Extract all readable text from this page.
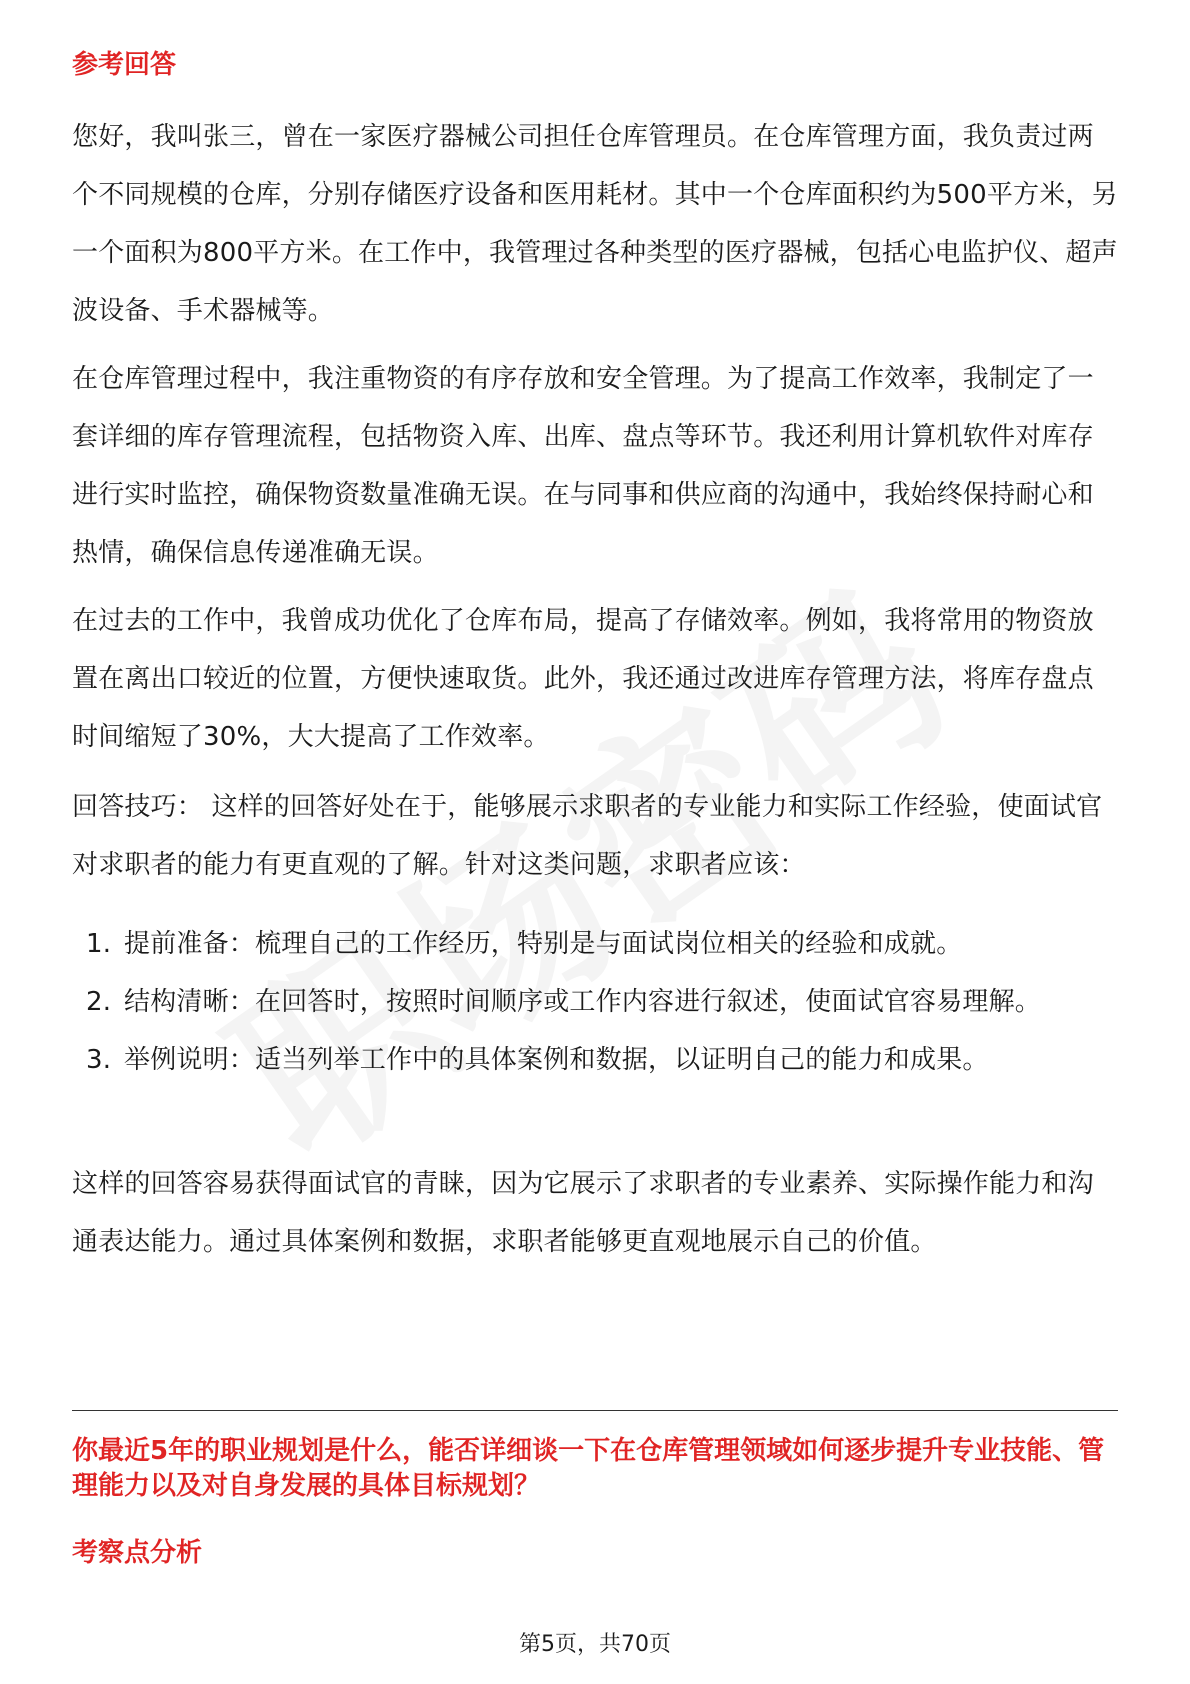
参考回答

您好，我叫张三，曾在一家医疗器械公司担任仓库管理员。在仓库管理方面，我负责过两个不同规模的仓库，分别存储医疗设备和医用耗材。其中一个仓库面积约为500平方米，另一个面积为800平方米。在工作中，我管理过各种类型的医疗器械，包括心电监护仪、超声波设备、手术器械等。

在仓库管理过程中，我注重物资的有序存放和安全管理。为了提高工作效率，我制定了一套详细的库存管理流程，包括物资入库、出库、盘点等环节。我还利用计算机软件对库存进行实时监控，确保物资数量准确无误。在与同事和供应商的沟通中，我始终保持耐心和热情，确保信息传递准确无误。

在过去的工作中，我曾成功优化了仓库布局，提高了存储效率。例如，我将常用的物资放置在离出口较近的位置，方便快速取货。此外，我还通过改进库存管理方法，将库存盘点时间缩短了30%，大大提高了工作效率。

回答技巧： 这样的回答好处在于，能够展示求职者的专业能力和实际工作经验，使面试官对求职者的能力有更直观的了解。针对这类问题，求职者应该：

1. 提前准备：梳理自己的工作经历，特别是与面试岗位相关的经验和成就。
2. 结构清晰：在回答时，按照时间顺序或工作内容进行叙述，使面试官容易理解。
3. 举例说明：适当列举工作中的具体案例和数据，以证明自己的能力和成果。

这样的回答容易获得面试官的青睐，因为它展示了求职者的专业素养、实际操作能力和沟通表达能力。通过具体案例和数据，求职者能够更直观地展示自己的价值。

你最近5年的职业规划是什么，能否详细谈一下在仓库管理领域如何逐步提升专业技能、管理能力以及对自身发展的具体目标规划？
考察点分析
第5页，共70页
